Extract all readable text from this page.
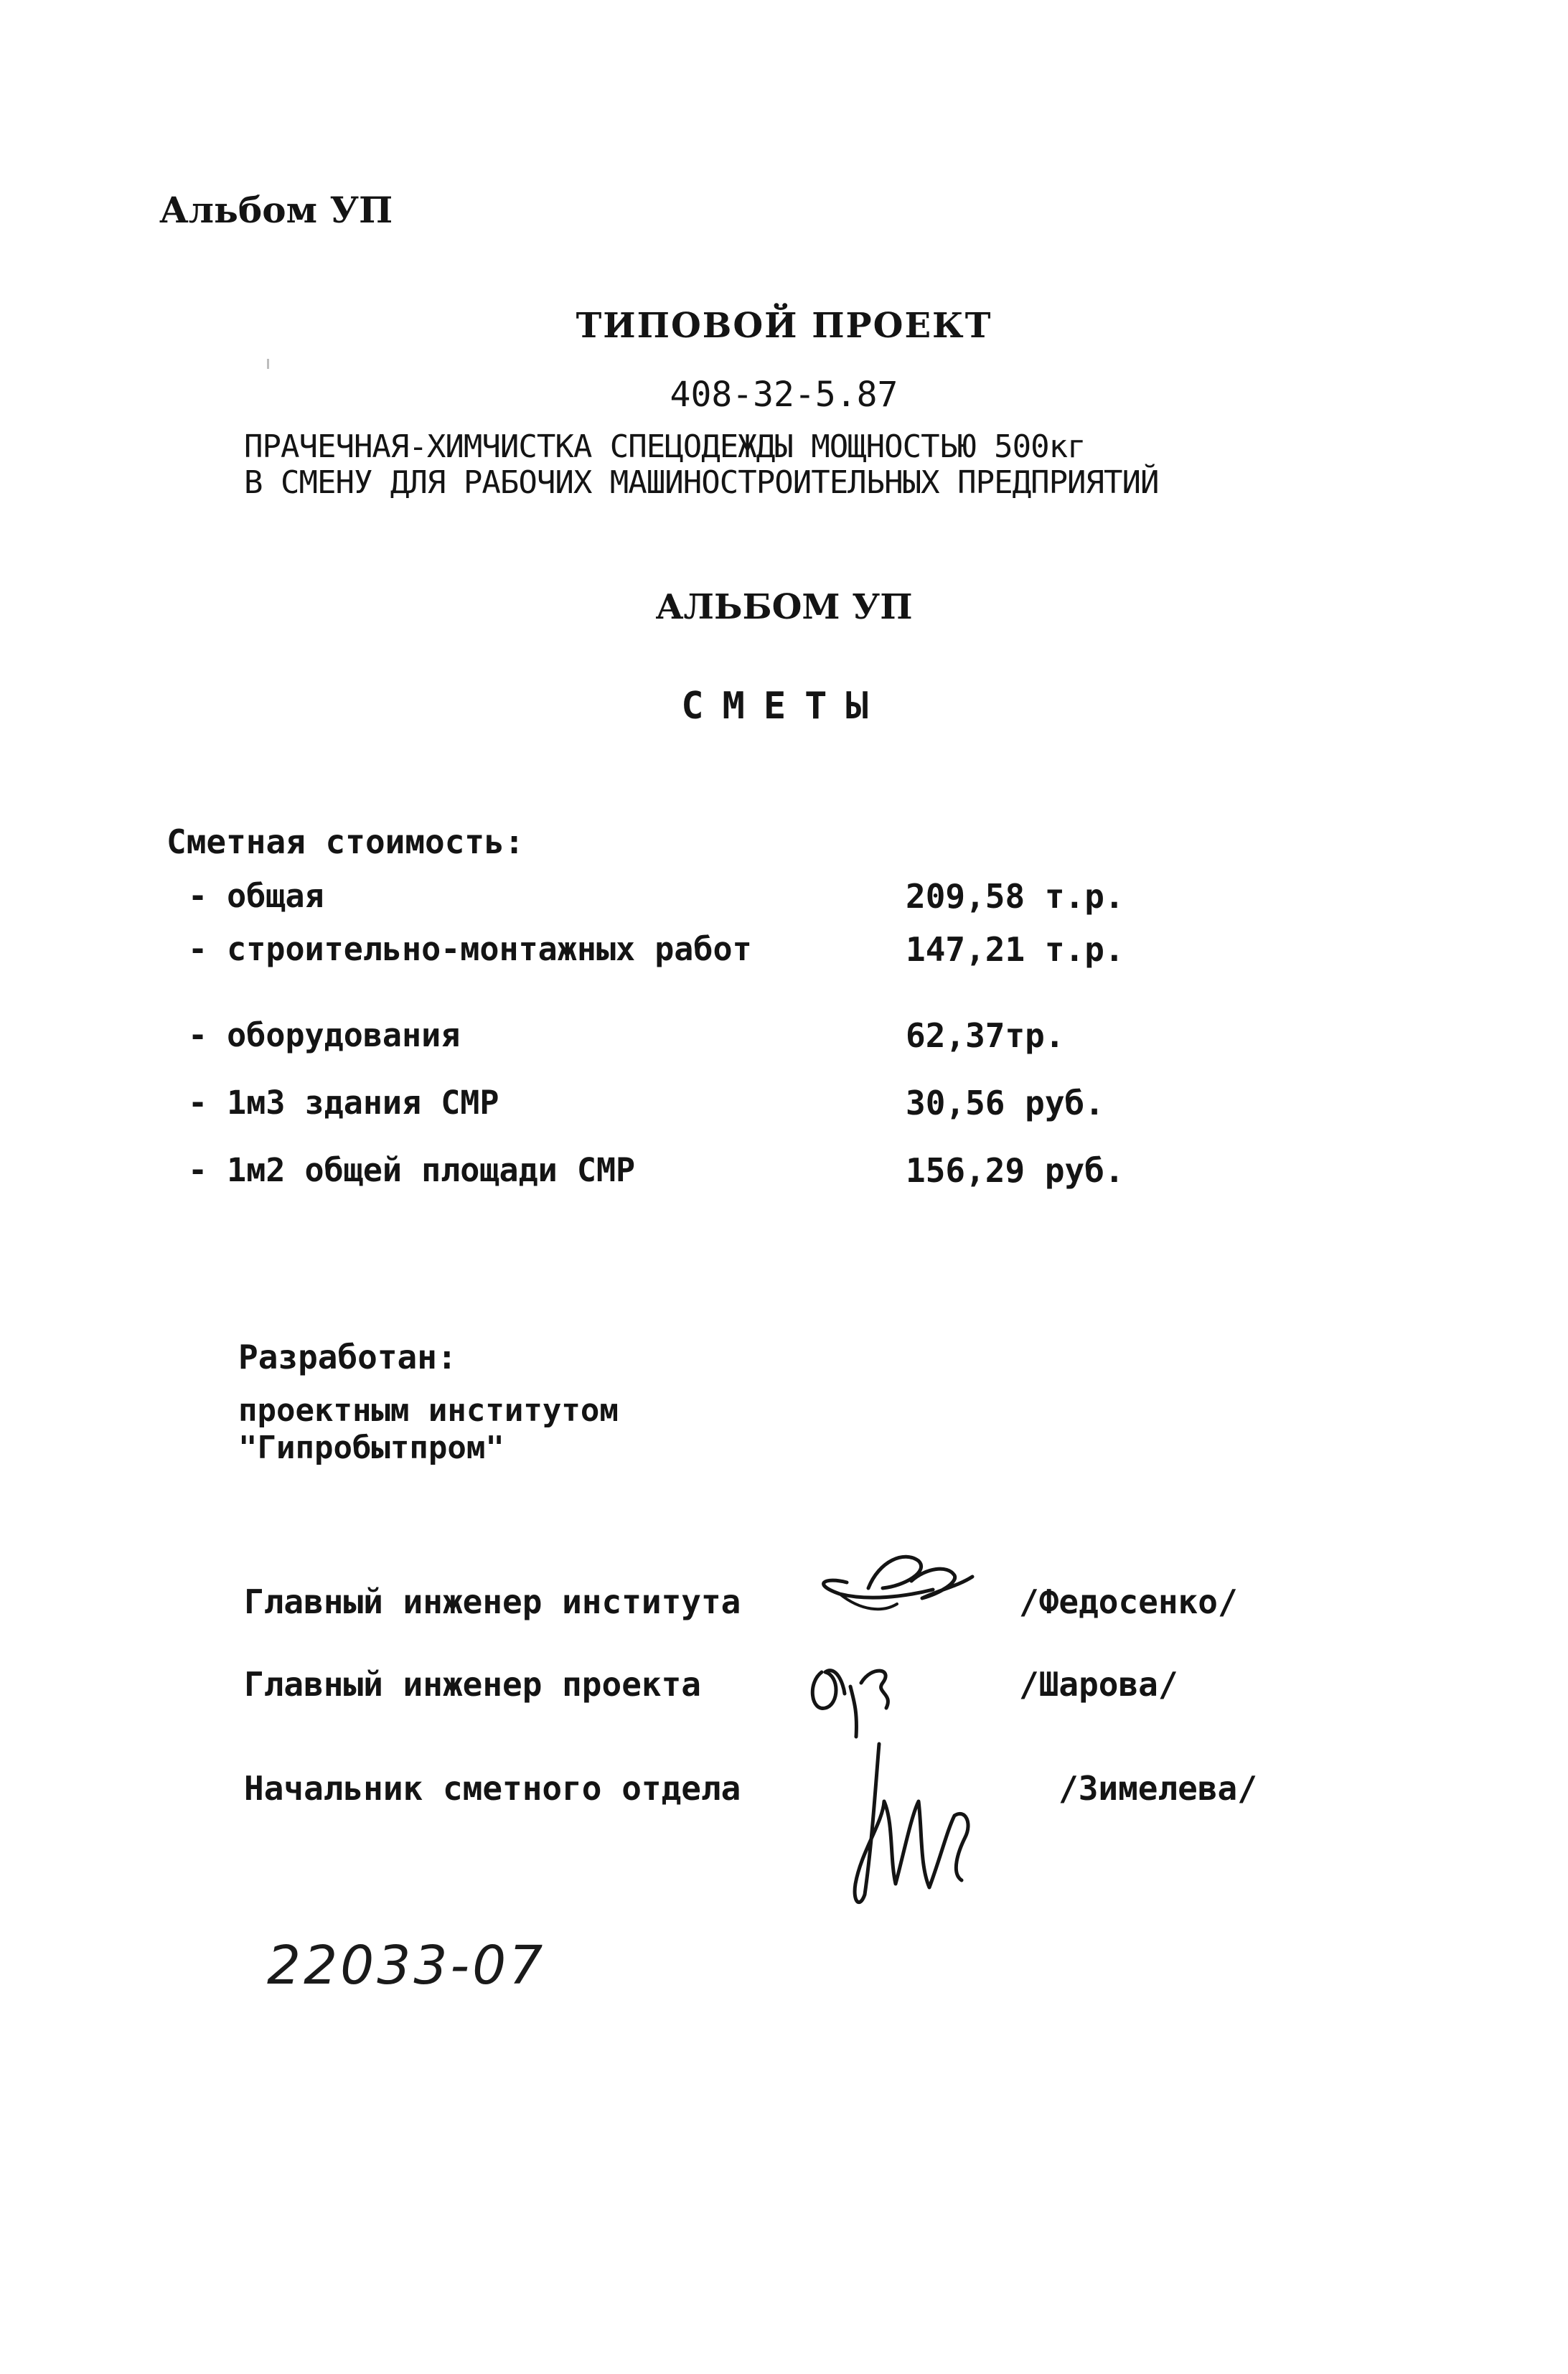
Альбом УП
ТИПОВОЙ ПРОЕКТ
408-32-5.87
ПРАЧЕЧНАЯ-ХИМЧИСТКА СПЕЦОДЕЖДЫ МОЩНОСТЬЮ 500кг
В СМЕНУ ДЛЯ РАБОЧИХ МАШИНОСТРОИТЕЛЬНЫХ ПРЕДПРИЯТИЙ
АЛЬБОМ УП
СМЕТЫ
Сметная стоимость:
- общая	209,58 т.р.
- строительно-монтажных работ	147,21 т.р.
- оборудования	62,37тр.
- 1м3 здания СМР	30,56 руб.
- 1м2 общей площади СМР	156,29 руб.
Разработан:
проектным институтом
"Гипробытпром"
Главный инженер института	/Федосенко/
Главный инженер проекта	/Шарова/
Начальник сметного отдела	/Зимелева/
22033-07
